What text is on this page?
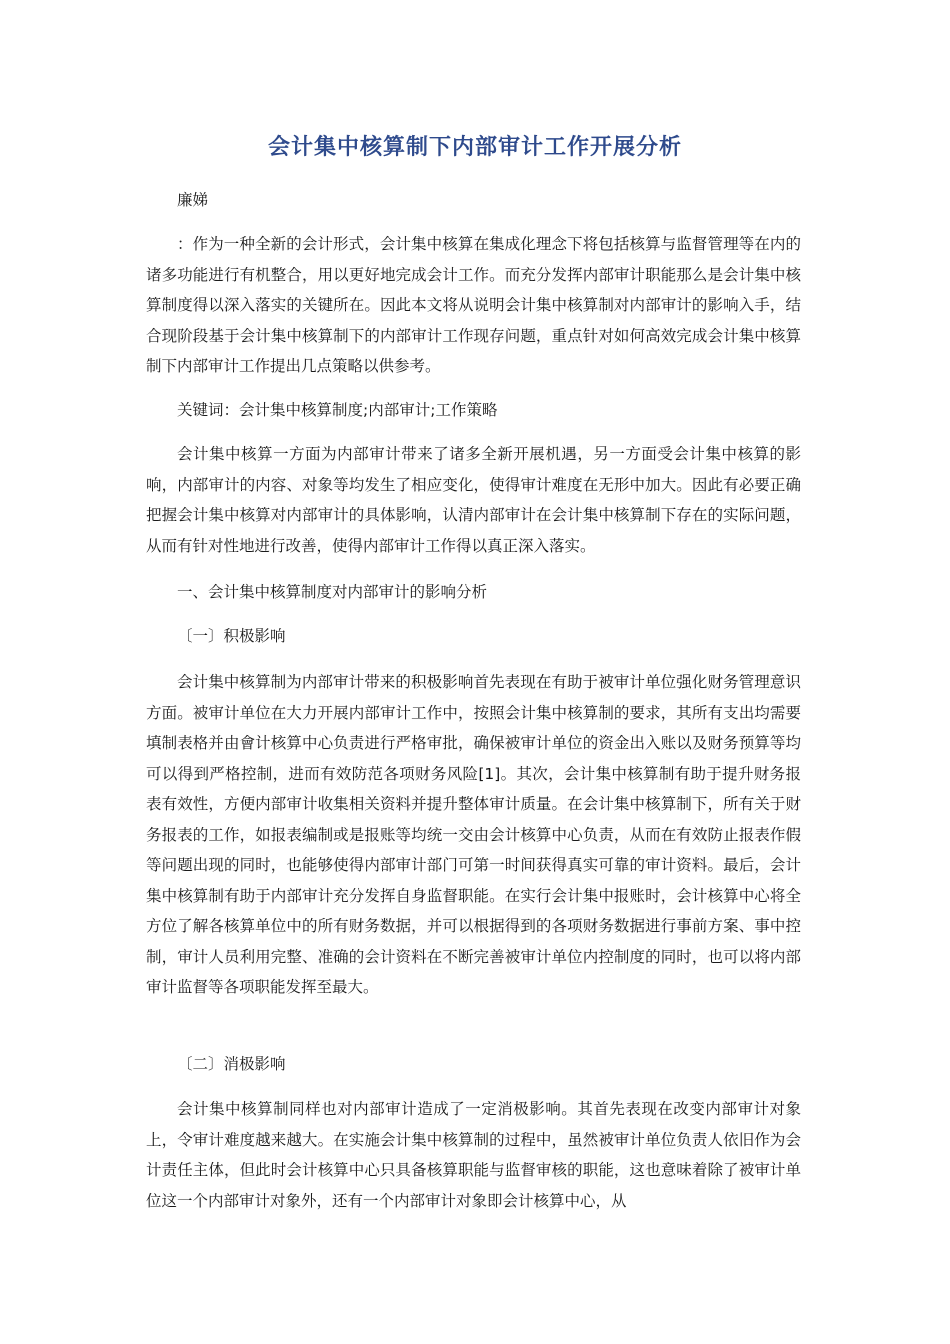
会计集中核算制下内部审计工作开展分析

廉娣

：作为一种全新的会计形式，会计集中核算在集成化理念下将包括核算与监督管理等在内的诸多功能进行有机整合，用以更好地完成会计工作。而充分发挥内部审计职能那么是会计集中核算制度得以深入落实的关键所在。因此本文将从说明会计集中核算制对内部审计的影响入手，结合现阶段基于会计集中核算制下的内部审计工作现存问题，重点针对如何高效完成会计集中核算制下内部审计工作提出几点策略以供参考。

关键词：会计集中核算制度;内部审计;工作策略

会计集中核算一方面为内部审计带来了诸多全新开展机遇，另一方面受会计集中核算的影响，内部审计的内容、对象等均发生了相应变化，使得审计难度在无形中加大。因此有必要正确把握会计集中核算对内部审计的具体影响，认清内部审计在会计集中核算制下存在的实际问题，从而有针对性地进行改善，使得内部审计工作得以真正深入落实。

一、会计集中核算制度对内部审计的影响分析

〔一〕积极影响

会计集中核算制为内部审计带来的积极影响首先表现在有助于被审计单位强化财务管理意识方面。被审计单位在大力开展内部审计工作中，按照会计集中核算制的要求，其所有支出均需要填制表格并由會计核算中心负责进行严格审批，确保被审计单位的资金出入账以及财务预算等均可以得到严格控制，进而有效防范各项财务风险[1]。其次，会计集中核算制有助于提升财务报表有效性，方便内部审计收集相关资料并提升整体审计质量。在会计集中核算制下，所有关于财务报表的工作，如报表编制或是报账等均统一交由会计核算中心负责，从而在有效防止报表作假等问题出现的同时，也能够使得内部审计部门可第一时间获得真实可靠的审计资料。最后，会计集中核算制有助于内部审计充分发挥自身监督职能。在实行会计集中报账时，会计核算中心将全方位了解各核算单位中的所有财务数据，并可以根据得到的各项财务数据进行事前方案、事中控制，审计人员利用完整、准确的会计资料在不断完善被审计单位内控制度的同时，也可以将内部审计监督等各项职能发挥至最大。

〔二〕消极影响

会计集中核算制同样也对内部审计造成了一定消极影响。其首先表现在改变内部审计对象上，令审计难度越来越大。在实施会计集中核算制的过程中，虽然被审计单位负责人依旧作为会计责任主体，但此时会计核算中心只具备核算职能与监督审核的职能，这也意味着除了被审计单位这一个内部审计对象外，还有一个内部审计对象即会计核算中心，从
